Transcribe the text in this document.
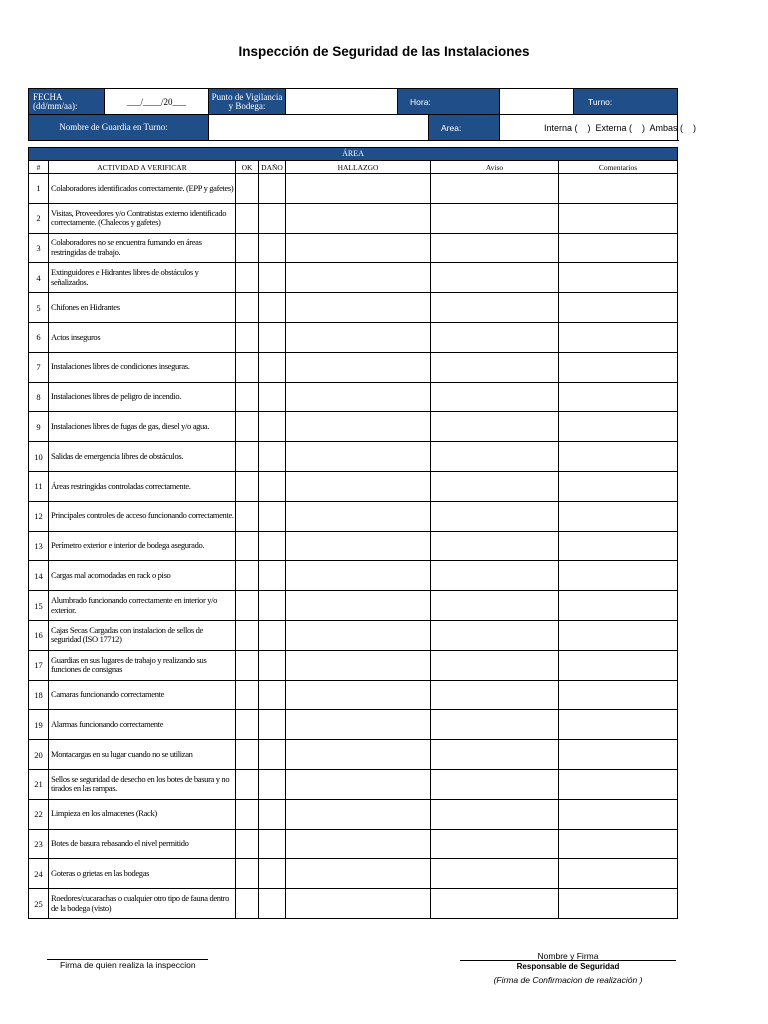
Inspección de Seguridad de las Instalaciones
FECHA (dd/mm/aa):	___/____/20___	Punto de Vigilancia y Bodega:		Hora:			Turno:	
Nombre de Guardia en Turno:					Area:	Interna (    )  Externa (    )  Ambas (    )		
ÁREA						
#	ACTIVIDAD A VERIFICAR	OK	DAÑO	HALLAZGO	Aviso	Comentarios
1	Colaboradores identificados correctamente. (EPP y gafetes)					
2	Visitas, Proveedores y/o Contratistas externo identificado correctamente. (Chalecos y gafetes)					
3	Colaboradores no se encuentra fumando en áreas restringidas de trabajo.					
4	Extinguidores e Hidrantes libres de obstáculos y señalizados.					
5	Chifones en Hidrantes					
6	Actos inseguros					
7	Instalaciones libres de condiciones inseguras.					
8	Instalaciones libres de peligro de incendio.					
9	Instalaciones libres de fugas de gas, diesel y/o agua.					
10	Salidas de emergencia libres de obstáculos.					
11	Áreas restringidas controladas correctamente.					
12	Principales controles de acceso funcionando correctamente.					
13	Perímetro exterior e interior de bodega asegurado.					
14	Cargas mal acomodadas en rack o piso					
15	Alumbrado funcionando correctamente en interior y/o exterior.					
16	Cajas Secas Cargadas con instalacion de sellos de seguridad (ISO 17712)					
17	Guardias en sus lugares de trabajo y realizando sus funciones de consignas					
18	Camaras funcionando correctamente					
19	Alarmas funcionando correctamente					
20	Montacargas en su lugar cuando no se utilizan					
21	Sellos se seguridad de desecho en los botes de basura y no tirados en las rampas.					
22	Limpieza en los almacenes (Rack)					
23	Botes de basura rebasando el nivel permitido					
24	Goteras o grietas en las bodegas					
25	Roedores/cucarachas o cualquier otro tipo de fauna dentro de la bodega (visto)					
Firma de quien realiza la inspeccion
Nombre y Firma
Responsable de Seguridad
(Firma de Confirmacion de realización )
